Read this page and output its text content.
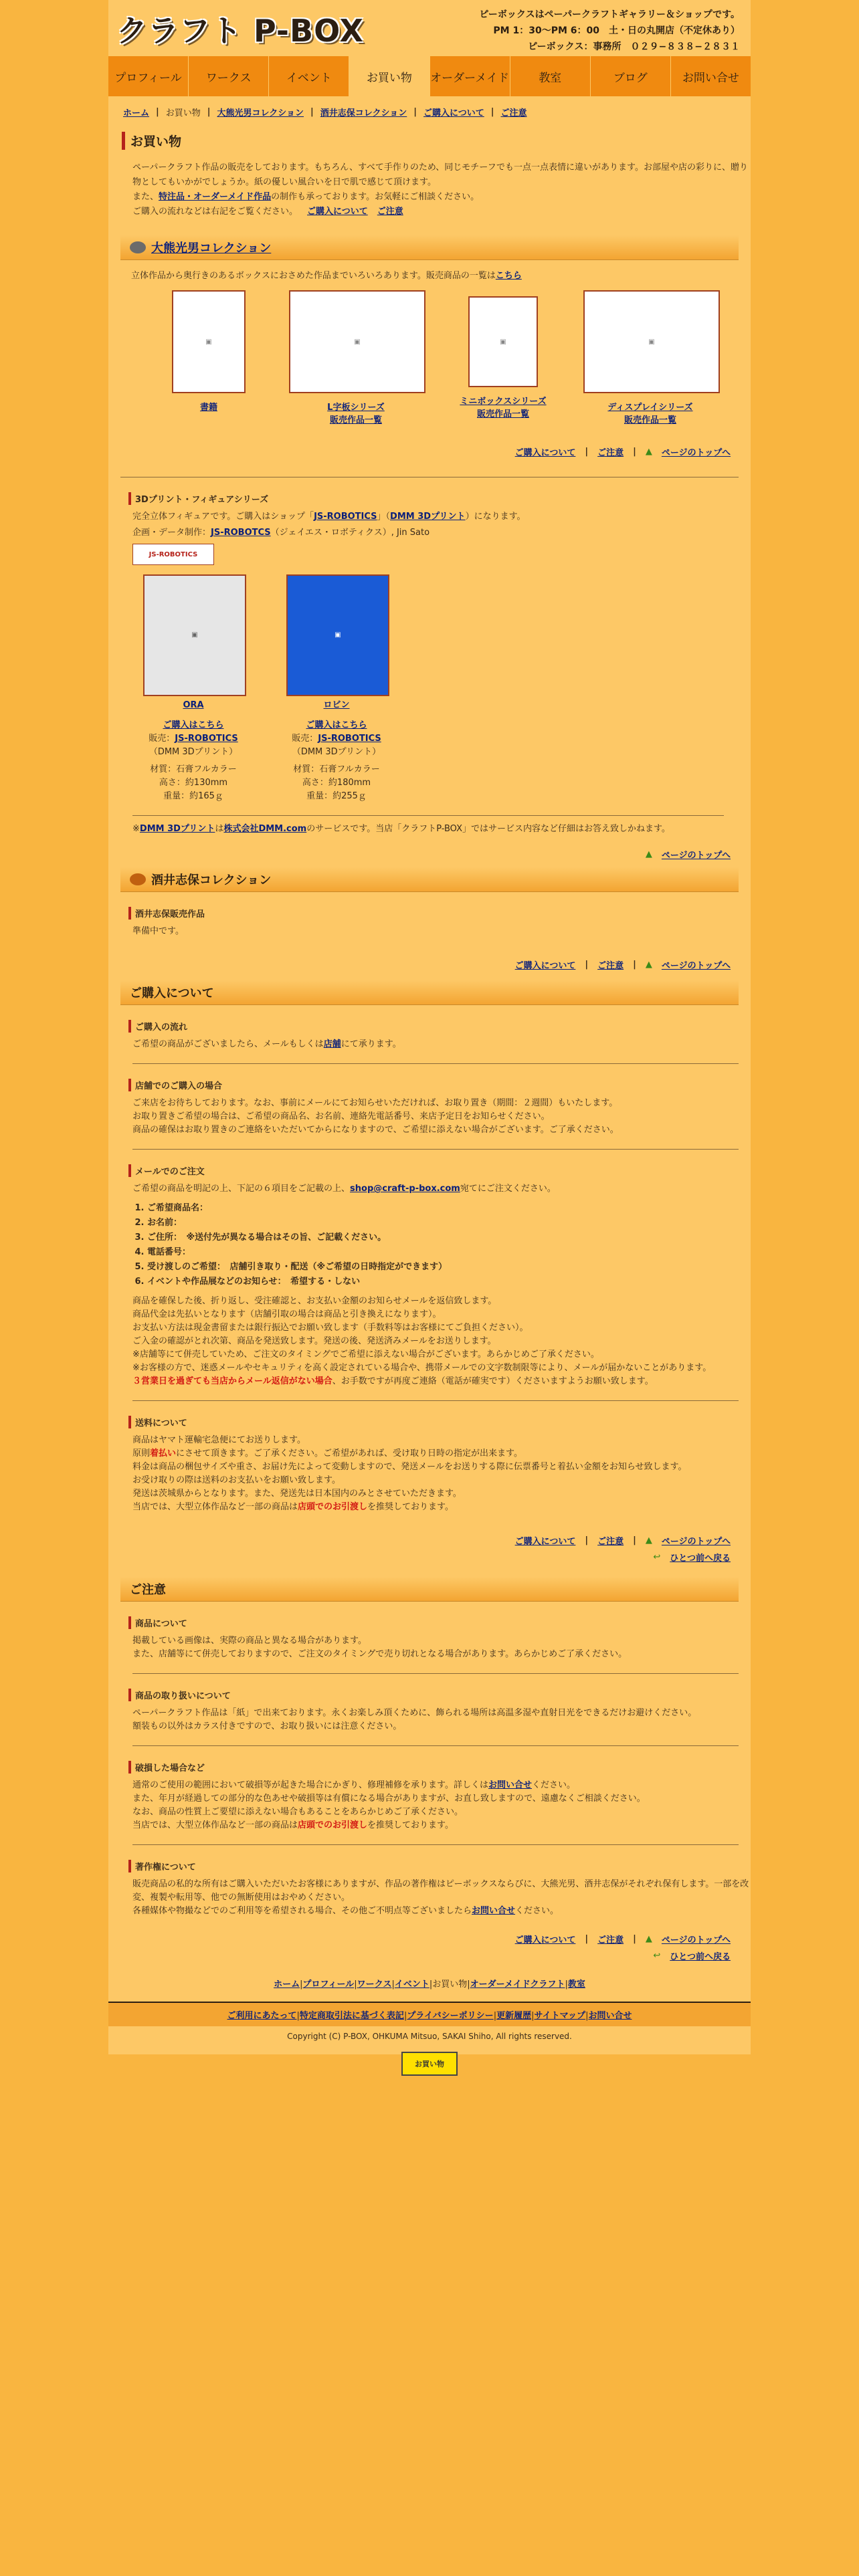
クラフト P-BOX	ピーボックスはペーパークラフトギャラリー＆ショップです。
PM 1：30〜PM 6：00　土・日の丸開店（不定休あり）
ピーボックス：事務所　０２９−８３８−２８３１
プロフィール	ワークス	イベント	お買い物	オーダーメイド	教室	ブログ	お問い合せ
ホーム | お買い物 | 大熊光男コレクション | 酒井志保コレクション | ご購入について | ご注意
お買い物
ペーパークラフト作品の販売をしております。もちろん、すべて手作りのため、同じモチーフでも一点一点表情に違いがあります。お部屋や店の彩りに、贈り物としてもいかがでしょうか。紙の優しい風合いを日で肌で感じて頂けます。
また、特注品・オーダーメイド作品の制作も承っております。お気軽にご相談ください。
ご購入の流れなどは右記をご覧ください。 ご購入について ご注意
大熊光男コレクション
立体作品から奥行きのあるボックスにおさめた作品までいろいろあります。販売商品の一覧はこちら
▣
書籍
▣
L字板シリーズ
販売作品一覧
▣
ミニボックスシリーズ
販売作品一覧
▣
ディスプレイシリーズ
販売作品一覧
ご購入について | ご注意 | ▲ ページのトップへ
3Dプリント・フィギュアシリーズ
完全立体フィギュアです。ご購入はショップ「JS-ROBOTICS」（DMM 3Dプリント）になります。
企画・データ制作：JS-ROBOTCS（ジェイエス・ロボティクス）, Jin Sato
JS-ROBOTICS
▣
ORA
ご購入はこちら
販売：JS-ROBOTICS
（DMM 3Dプリント）
材質：石膏フルカラー
高さ：約130mm
重量：約165ｇ
▣
ロビン
ご購入はこちら
販売：JS-ROBOTICS
（DMM 3Dプリント）
材質：石膏フルカラー
高さ：約180mm
重量：約255ｇ
※DMM 3Dプリントは株式会社DMM.comのサービスです。当店「クラフトP-BOX」ではサービス内容など仔細はお答え致しかねます。
▲ ページのトップへ
酒井志保コレクション
酒井志保販売作品
準備中です。
ご購入について | ご注意 | ▲ ページのトップへ
ご購入について
ご購入の流れ
ご希望の商品がございましたら、メールもしくは店舗にて承ります。
店舗でのご購入の場合
ご来店をお待ちしております。なお、事前にメールにてお知らせいただければ、お取り置き（期間：２週間）もいたします。
お取り置きご希望の場合は、ご希望の商品名、お名前、連絡先電話番号、来店予定日をお知らせください。
商品の確保はお取り置きのご連絡をいただいてからになりますので、ご希望に添えない場合がございます。ご了承ください。
メールでのご注文
ご希望の商品を明記の上、下記の６項目をご記載の上、shop@craft-p-box.com宛てにご注文ください。
1. ご希望商品名：
2. お名前：
3. ご住所：　※送付先が異なる場合はその旨、ご記載ください。
4. 電話番号：
5. 受け渡しのご希望：　店舗引き取り・配送（※ご希望の日時指定ができます）
6. イベントや作品展などのお知らせ：　希望する・しない
商品を確保した後、折り返し、受注確認と、お支払い金額のお知らせメールを返信致します。
商品代金は先払いとなります（店舗引取の場合は商品と引き換えになります）。
お支払い方法は現金書留または銀行振込でお願い致します（手数料等はお客様にてご負担ください）。
ご入金の確認がとれ次第、商品を発送致します。発送の後、発送済みメールをお送りします。
※店舗等にて併売していため、ご注文のタイミングでご希望に添えない場合がございます。あらかじめご了承ください。
※お客様の方で、迷惑メールやセキュリティを高く設定されている場合や、携帯メールでの文字数制限等により、メールが届かないことがあります。
３営業日を過ぎても当店からメール返信がない場合、お手数ですが再度ご連絡（電話が確実です）くださいますようお願い致します。
送料について
商品はヤマト運輸宅急便にてお送りします。
原則着払いにさせて頂きます。ご了承ください。ご希望があれば、受け取り日時の指定が出来ます。
料金は商品の梱包サイズや重さ、お届け先によって変動しますので、発送メールをお送りする際に伝票番号と着払い金額をお知らせ致します。
お受け取りの際は送料のお支払いをお願い致します。
発送は茨城県からとなります。また、発送先は日本国内のみとさせていただきます。
当店では、大型立体作品など一部の商品は店頭でのお引渡しを推奨しております。
ご購入について | ご注意 | ▲ ページのトップへ
↩ ひとつ前へ戻る
ご注意
商品について
掲載している画像は、実際の商品と異なる場合があります。
また、店舗等にて併売しておりますので、ご注文のタイミングで売り切れとなる場合があります。あらかじめご了承ください。
商品の取り扱いについて
ペーパークラフト作品は「紙」で出来ております。永くお楽しみ頂くために、飾られる場所は高温多湿や直射日光をできるだけお避けください。
額装もの以外はカラス付きですので、お取り扱いには注意ください。
破損した場合など
通常のご使用の範囲において破損等が起きた場合にかぎり、修理補修を承ります。詳しくはお問い合せください。
また、年月が経過しての部分的な色あせや破損等は有償になる場合がありますが、お直し致しますので、遠慮なくご相談ください。
なお、商品の性質上ご要望に添えない場合もあることをあらかじめご了承ください。
当店では、大型立体作品など一部の商品は店頭でのお引渡しを推奨しております。
著作権について
販売商品の私的な所有はご購入いただいたお客様にありますが、作品の著作権はピーボックスならびに、大熊光男、酒井志保がそれぞれ保有します。一部を改変、複製や転用等、他での無断使用はおやめください。
各種媒体や物撮などでのご利用等を希望される場合、その他ご不明点等ございましたらお問い合せください。
ご購入について | ご注意 | ▲ ページのトップへ
↩ ひとつ前へ戻る
ホーム|プロフィール|ワークス|イベント|お買い物|オーダーメイドクラフト|教室
ご利用にあたって|特定商取引法に基づく表記|プライバシーポリシー|更新履歴|サイトマップ|お問い合せ
Copyright (C) P-BOX, OHKUMA Mitsuo, SAKAI Shiho, All rights reserved.
お買い物
